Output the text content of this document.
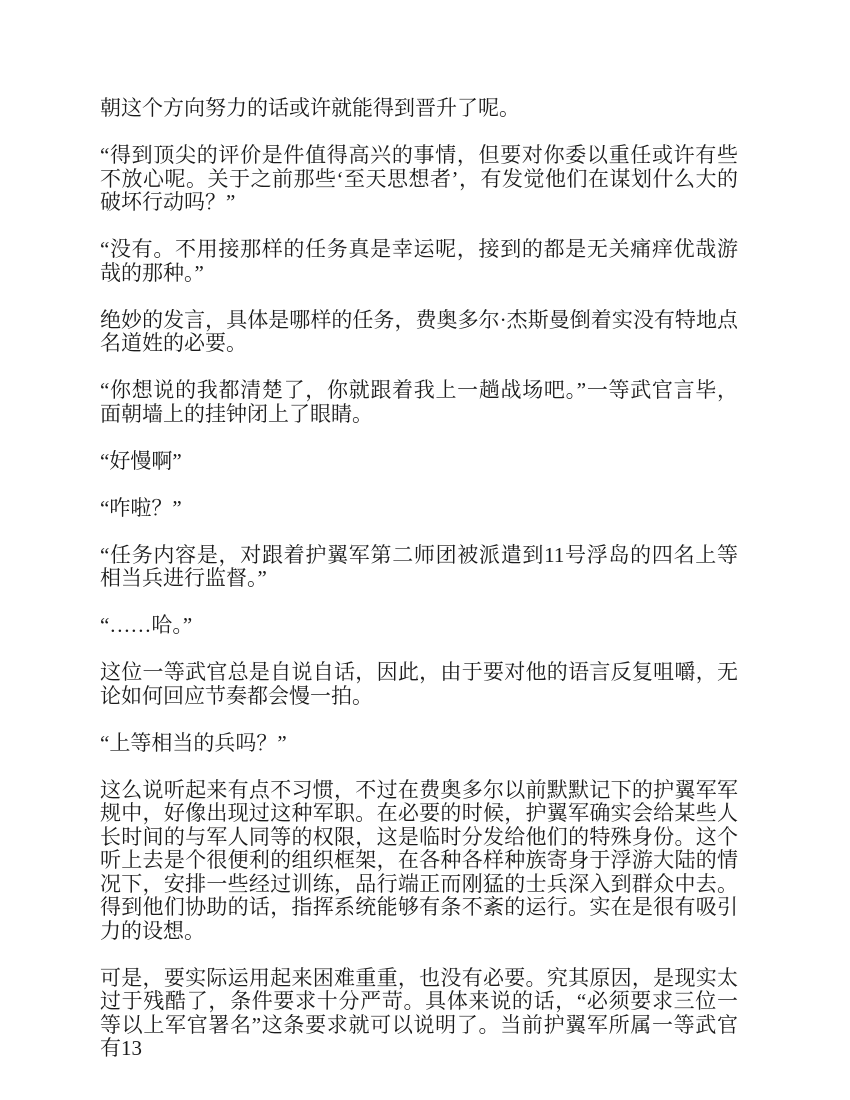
朝这个方向努力的话或许就能得到晋升了呢。

“得到顶尖的评价是件值得高兴的事情，但要对你委以重任或许有些不放心呢。关于之前那些‘至天思想者’，有发觉他们在谋划什么大的破坏行动吗？”

“没有。不用接那样的任务真是幸运呢，接到的都是无关痛痒优哉游哉的那种。”

绝妙的发言，具体是哪样的任务，费奥多尔·杰斯曼倒着实没有特地点名道姓的必要。

“你想说的我都清楚了，你就跟着我上一趟战场吧。”一等武官言毕，面朝墙上的挂钟闭上了眼睛。

“好慢啊”

“咋啦？”

“任务内容是，对跟着护翼军第二师团被派遣到11号浮岛的四名上等相当兵进行监督。”

“……哈。”

这位一等武官总是自说自话，因此，由于要对他的语言反复咀嚼，无论如何回应节奏都会慢一拍。

“上等相当的兵吗？”

这么说听起来有点不习惯，不过在费奥多尔以前默默记下的护翼军军规中，好像出现过这种军职。在必要的时候，护翼军确实会给某些人长时间的与军人同等的权限，这是临时分发给他们的特殊身份。这个听上去是个很便利的组织框架，在各种各样种族寄身于浮游大陆的情况下，安排一些经过训练，品行端正而刚猛的士兵深入到群众中去。得到他们协助的话，指挥系统能够有条不紊的运行。实在是很有吸引力的设想。

可是，要实际运用起来困难重重，也没有必要。究其原因，是现实太过于残酷了，条件要求十分严苛。具体来说的话，“必须要求三位一等以上军官署名”这条要求就可以说明了。当前护翼军所属一等武官有13
